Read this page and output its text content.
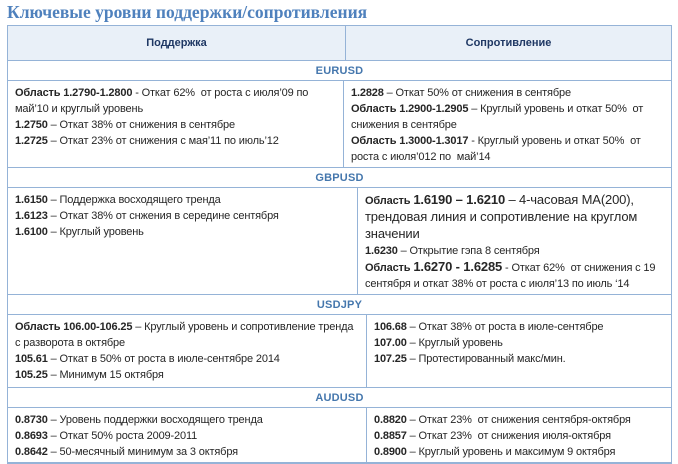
Ключевые уровни поддержки/сопротивления
Поддержка	Сопротивление
EURUSD
Область 1.2790-1.2800 - Откат 62%  от роста с июля’09 по  май’10 и круглый уровень
1.2750 – Откат 38% от снижения в сентябре
1.2725 – Откат 23% от снижения с мая’11 по июль’12
1.2828 – Откат 50% от снижения в сентябре
Область 1.2900-1.2905 – Круглый уровень и откат 50%  от снижения в сентябре
Область 1.3000-1.3017 - Круглый уровень и откат 50%  от роста с июля’012 по  май’14
GBPUSD
1.6150 – Поддержка восходящего тренда
1.6123 – Откат 38% от снжения в середине сентября
1.6100 – Круглый уровень
Область 1.6190 – 1.6210 – 4-часовая МА(200), трендовая линия и сопротивление на круглом значении
1.6230 – Открытие гэпа 8 сентября
Область 1.6270 - 1.6285 - Откат 62%  от снижения с 19 сентября и откат 38% от роста с июля’13 по июль ‘14
USDJPY
Область 106.00-106.25 – Круглый уровень и сопротивление тренда с разворота в октябре
105.61 – Откат в 50% от роста в июле-сентябре 2014
105.25 – Минимум 15 октября
106.68 – Откат 38% от роста в июле-сентябре
107.00 – Круглый уровень
107.25 – Протестированный макс/мин.
AUDUSD
0.8730 – Уровень поддержки восходящего тренда
0.8693 – Откат 50% роста 2009-2011
0.8642 – 50-месячный минимум за 3 октября
0.8820 – Откат 23%  от снижения сентября-октября
0.8857 – Откат 23%  от снижения июля-октября
0.8900 – Круглый уровень и максимум 9 октября
